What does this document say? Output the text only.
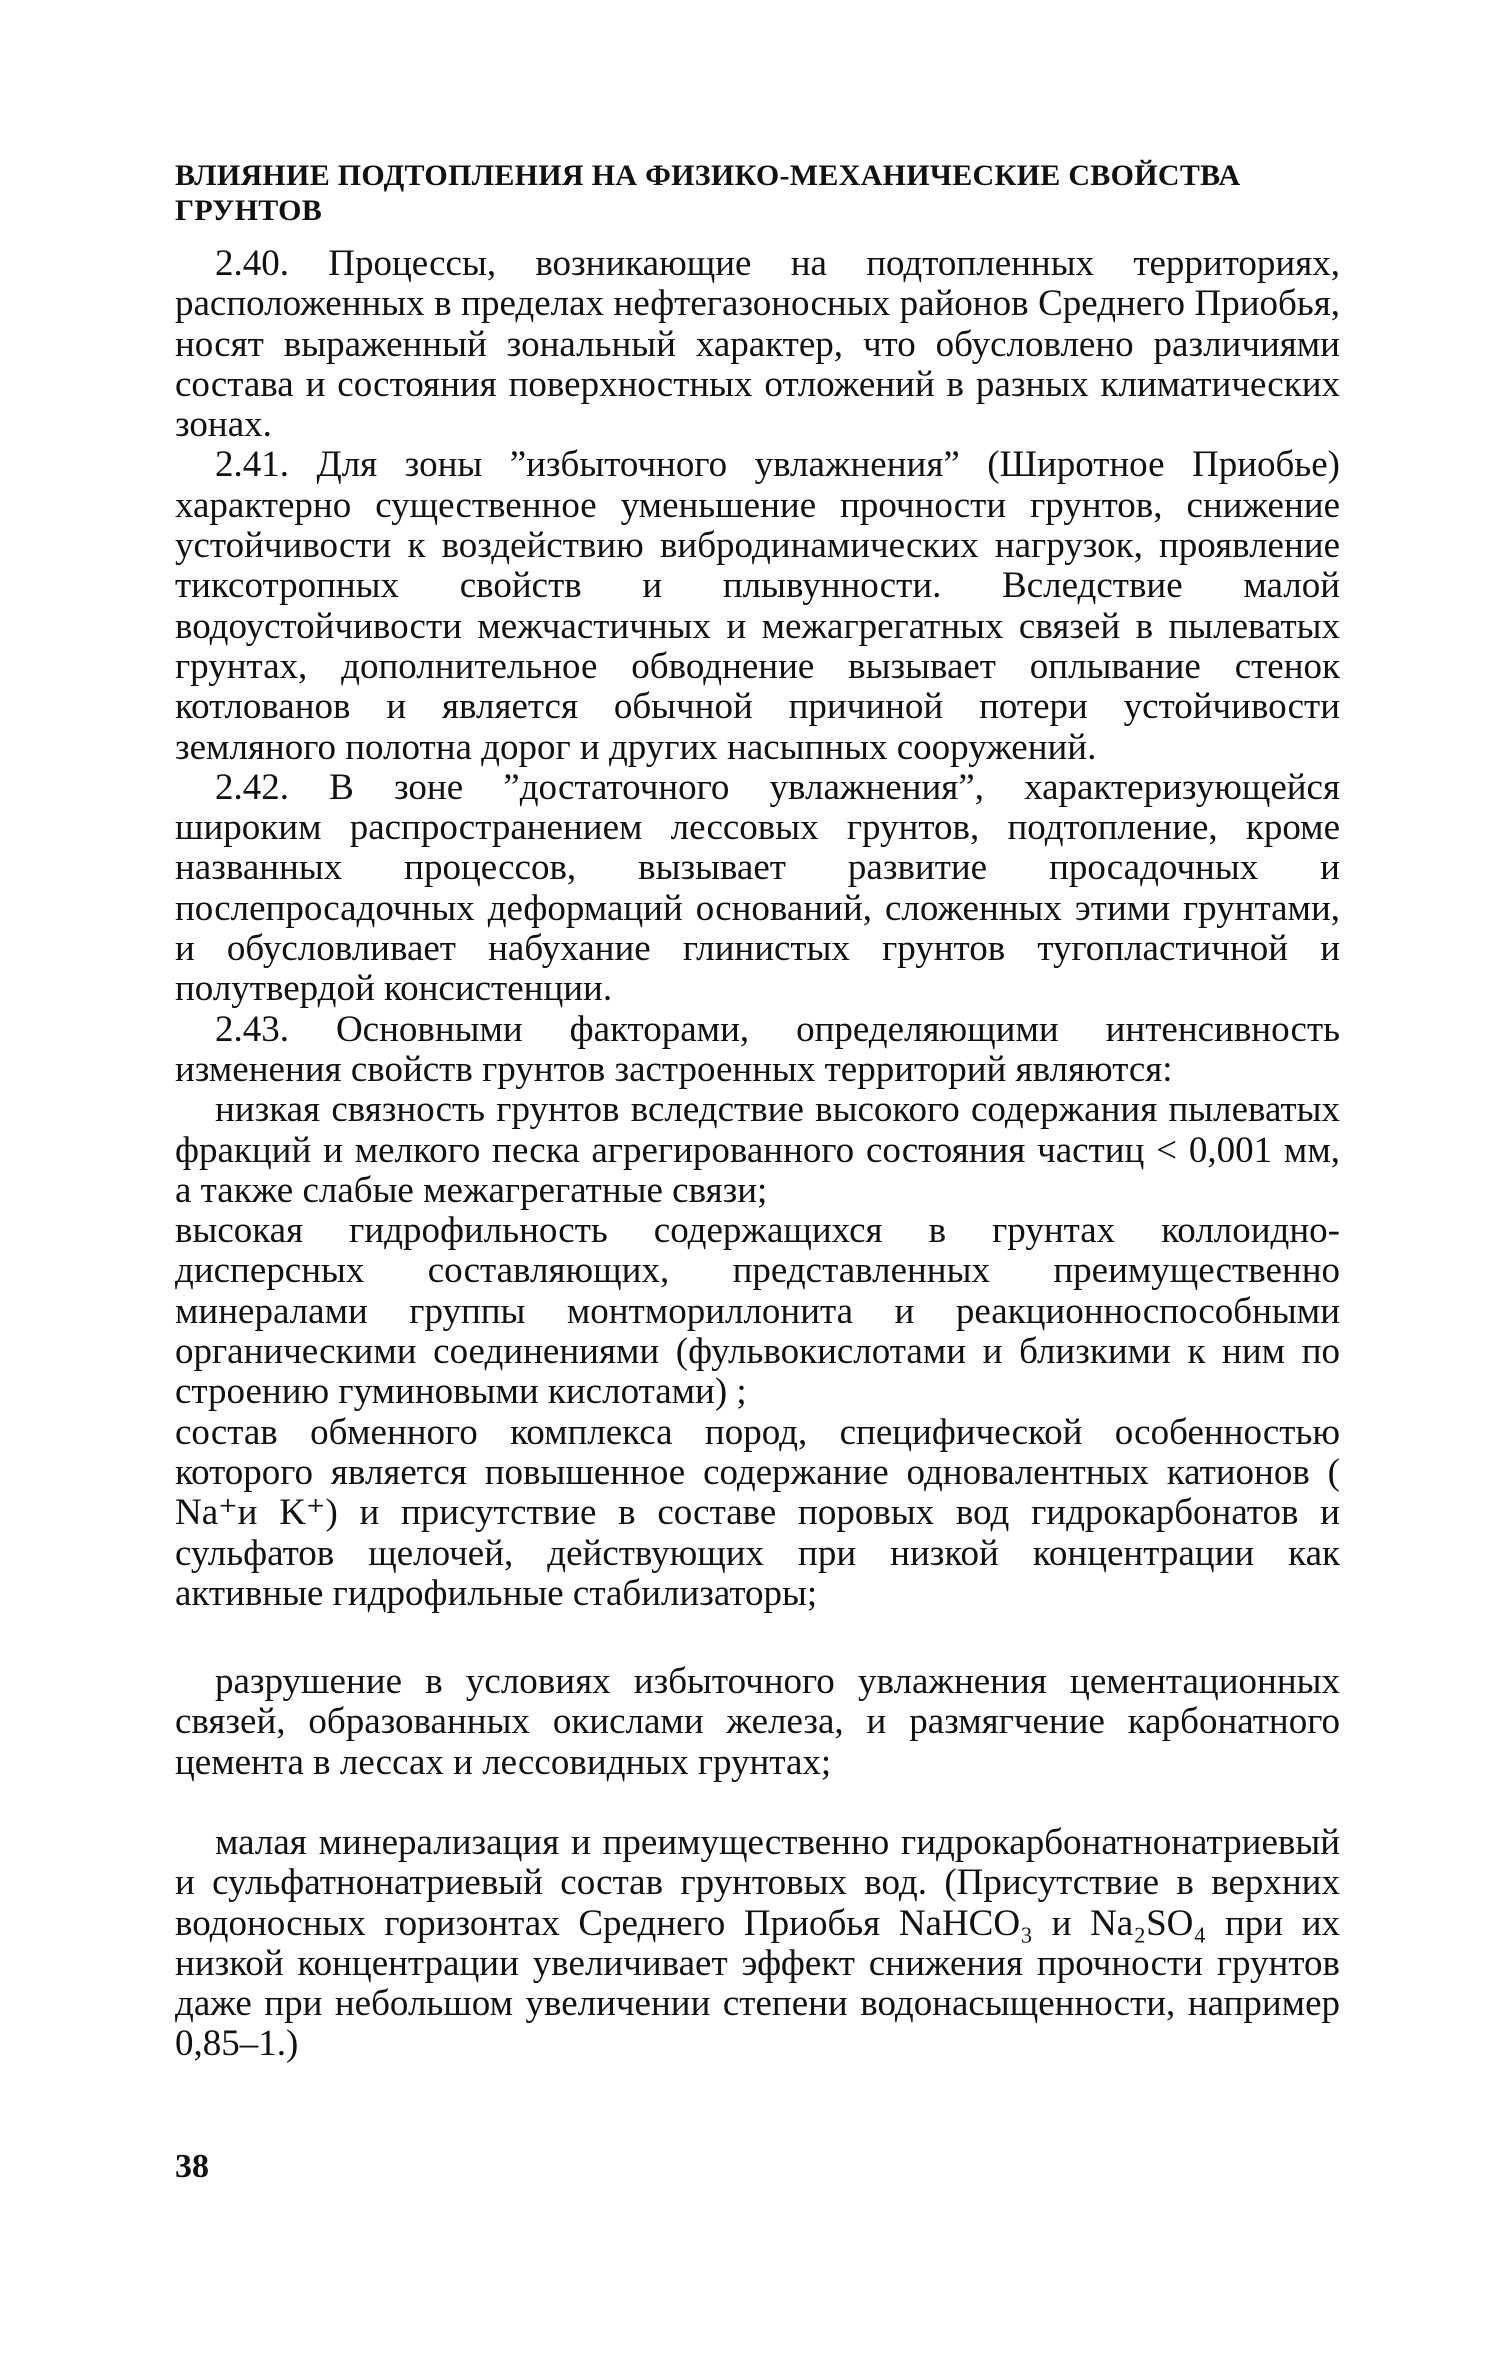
ВЛИЯНИЕ ПОДТОПЛЕНИЯ НА ФИЗИКО-МЕХАНИЧЕСКИЕ СВОЙСТВА ГРУНТОВ

2.40. Процессы, возникающие на подтопленных территориях, расположенных в пределах нефтегазоносных районов Среднего Приобья, носят выраженный зональный характер, что обусловлено различиями состава и состояния поверхностных отложений в разных климатических зонах.

2.41. Для зоны ”избыточного увлажнения” (Широтное Приобье) характерно существенное уменьшение прочности грунтов, снижение устойчивости к воздействию вибродинамических нагрузок, проявление тиксотропных свойств и плывунности. Вследствие малой водоустойчивости межчастичных и межагрегатных связей в пылеватых грунтах, дополнительное обводнение вызывает оплывание стенок котлованов и является обычной причиной потери устойчивости земляного полотна дорог и других насыпных сооружений.

2.42. В зоне ”достаточного увлажнения”, характеризующейся широким распространением лессовых грунтов, подтопление, кроме названных процессов, вызывает развитие просадочных и послепросадочных деформаций оснований, сложенных этими грунтами, и обусловливает набухание глинистых грунтов тугопластичной и полутвердой консистенции.

2.43. Основными факторами, определяющими интенсивность изменения свойств грунтов застроенных территорий являются:

низкая связность грунтов вследствие высокого содержания пылеватых фракций и мелкого песка агрегированного состояния частиц < 0,001 мм, а также слабые межагрегатные связи;

высокая гидрофильность содержащихся в грунтах коллоидно-дисперсных составляющих, представленных преимущественно минералами группы монтмориллонита и реакционноспособными органическими соединениями (фульвокислотами и близкими к ним по строению гуминовыми кислотами) ;

состав обменного комплекса пород, специфической особенностью которого является повышенное содержание одновалентных катионов ( Na⁺и K⁺) и присутствие в составе поровых вод гидрокарбонатов и сульфатов щелочей, действующих при низкой концентрации как активные гидрофильные стабилизаторы;

разрушение в условиях избыточного увлажнения цементационных связей, образованных окислами железа, и размягчение карбонатного цемента в лессах и лессовидных грунтах;

малая минерализация и преимущественно гидрокарбонатнонатриевый и сульфатнонатриевый состав грунтовых вод. (Присутствие в верхних водоносных горизонтах Среднего Приобья NaHCO₃ и Na₂SO₄ при их низкой концентрации увеличивает эффект снижения прочности грунтов даже при небольшом увеличении степени водонасыщенности, например 0,85–1.)

38
